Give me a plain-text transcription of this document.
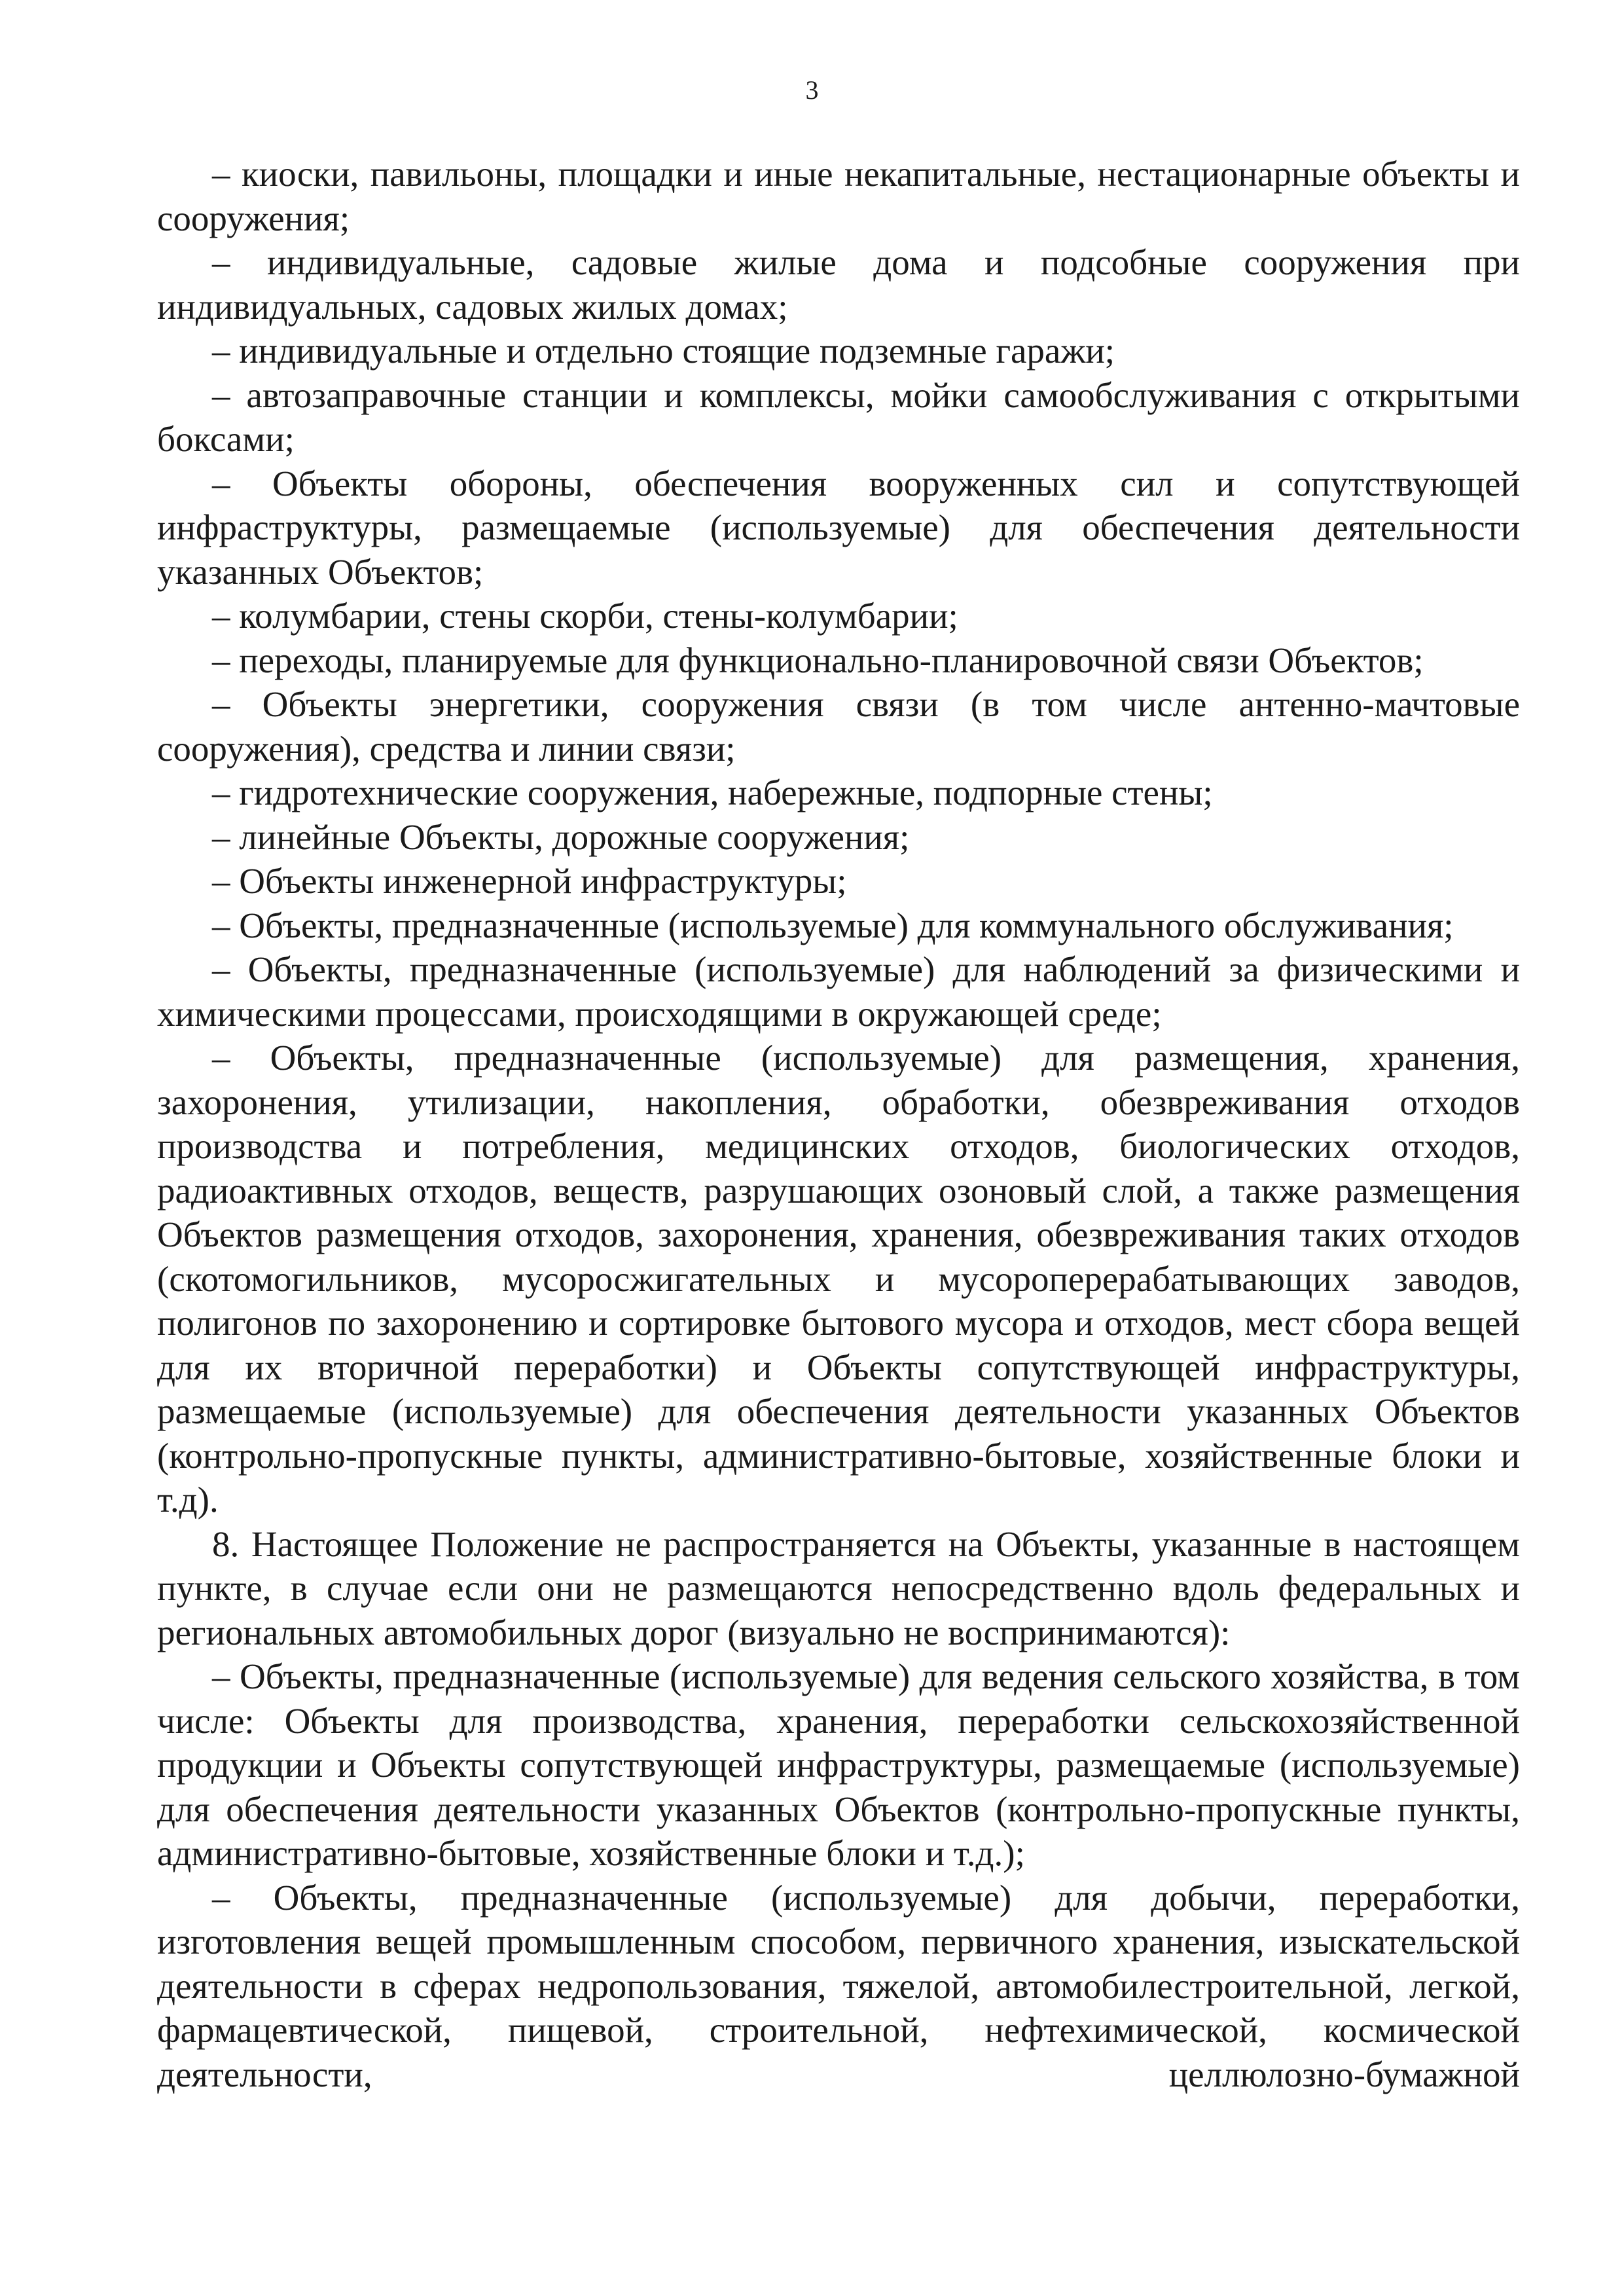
3

– киоски, павильоны, площадки и иные некапитальные, нестационарные объекты и сооружения;

– индивидуальные, садовые жилые дома и подсобные сооружения при индивидуальных, садовых жилых домах;

– индивидуальные и отдельно стоящие подземные гаражи;

– автозаправочные станции и комплексы, мойки самообслуживания с открытыми боксами;

– Объекты обороны, обеспечения вооруженных сил и сопутствующей инфраструктуры, размещаемые (используемые) для обеспечения деятельности указанных Объектов;

– колумбарии, стены скорби, стены-колумбарии;

– переходы, планируемые для функционально-планировочной связи Объектов;

– Объекты энергетики, сооружения связи (в том числе антенно-мачтовые сооружения), средства и линии связи;

– гидротехнические сооружения, набережные, подпорные стены;

– линейные Объекты, дорожные сооружения;

– Объекты инженерной инфраструктуры;

– Объекты, предназначенные (используемые) для коммунального обслуживания;

– Объекты, предназначенные (используемые) для наблюдений за физическими и химическими процессами, происходящими в окружающей среде;

– Объекты, предназначенные (используемые) для размещения, хранения, захоронения, утилизации, накопления, обработки, обезвреживания отходов производства и потребления, медицинских отходов, биологических отходов, радиоактивных отходов, веществ, разрушающих озоновый слой, а также размещения Объектов размещения отходов, захоронения, хранения, обезвреживания таких отходов (скотомогильников, мусоросжигательных и мусороперерабатывающих заводов, полигонов по захоронению и сортировке бытового мусора и отходов, мест сбора вещей для их вторичной переработки) и Объекты сопутствующей инфраструктуры, размещаемые (используемые) для обеспечения деятельности указанных Объектов (контрольно-пропускные пункты, административно-бытовые, хозяйственные блоки и т.д).

8. Настоящее Положение не распространяется на Объекты, указанные в настоящем пункте, в случае если они не размещаются непосредственно вдоль федеральных и региональных автомобильных дорог (визуально не воспринимаются):

– Объекты, предназначенные (используемые) для ведения сельского хозяйства, в том числе: Объекты для производства, хранения, переработки сельскохозяйственной продукции и Объекты сопутствующей инфраструктуры, размещаемые (используемые) для обеспечения деятельности указанных Объектов (контрольно-пропускные пункты, административно-бытовые, хозяйственные блоки и т.д.);

– Объекты, предназначенные (используемые) для добычи, переработки, изготовления вещей промышленным способом, первичного хранения, изыскательской деятельности в сферах недропользования, тяжелой, автомобилестроительной, легкой, фармацевтической, пищевой, строительной, нефтехимической, космической деятельности, целлюлозно-бумажной
